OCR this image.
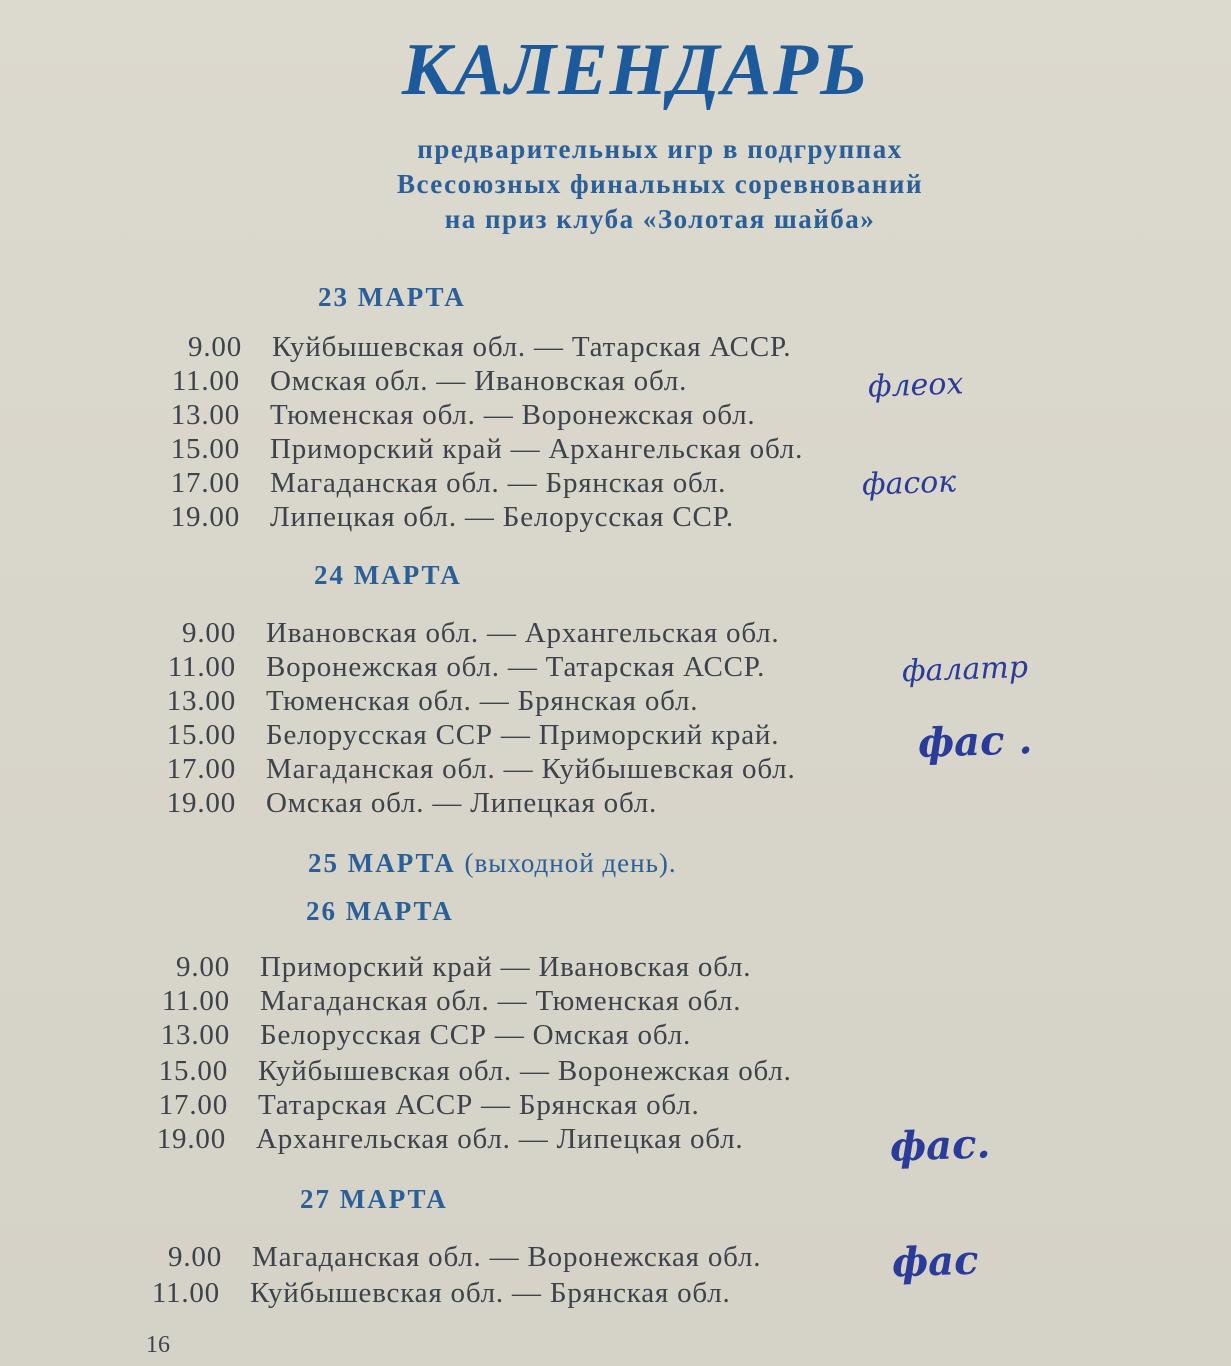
КАЛЕНДАРЬ
предварительных игр в подгруппах
Всесоюзных финальных соревнований
на приз клуба «Золотая шайба»
23 МАРТА
9.00 Куйбышевская обл. — Татарская АССР.
11.00 Омская обл. — Ивановская обл.
13.00 Тюменская обл. — Воронежская обл.
15.00 Приморский край — Архангельская обл.
17.00 Магаданская обл. — Брянская обл.
19.00 Липецкая обл. — Белорусская ССР.
24 МАРТА
9.00 Ивановская обл. — Архангельская обл.
11.00 Воронежская обл. — Татарская АССР.
13.00 Тюменская обл. — Брянская обл.
15.00 Белорусская ССР — Приморский край.
17.00 Магаданская обл. — Куйбышевская обл.
19.00 Омская обл. — Липецкая обл.
25 МАРТА (выходной день).
26 МАРТА
9.00 Приморский край — Ивановская обл.
11.00 Магаданская обл. — Тюменская обл.
13.00 Белорусская ССР — Омская обл.
15.00 Куйбышевская обл. — Воронежская обл.
17.00 Татарская АССР — Брянская обл.
19.00 Архангельская обл. — Липецкая обл.
27 МАРТА
9.00 Магаданская обл. — Воронежская обл.
11.00 Куйбышевская обл. — Брянская обл.
флеох
фасок
фалатр
фас .
фас.
фас
16
